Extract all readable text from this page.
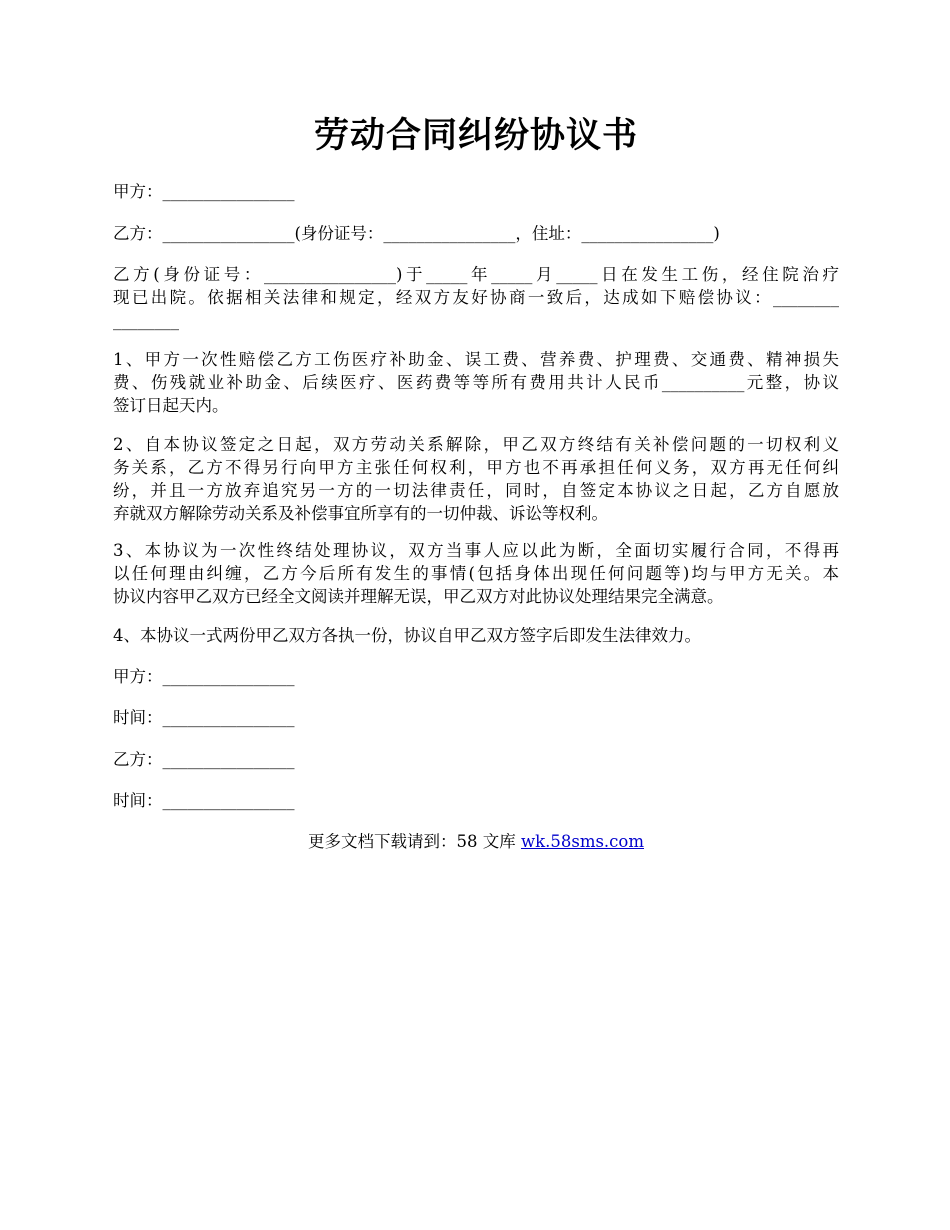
劳动合同纠纷协议书
甲方：________________
乙方：________________(身份证号：________________，住址：________________)
乙方(身份证号：________________)于_____年_____月_____日在发生工伤，经住院治疗
现已出院。依据相关法律和规定，经双方友好协商一致后，达成如下赔偿协议：________
________
1、甲方一次性赔偿乙方工伤医疗补助金、误工费、营养费、护理费、交通费、精神损失
费、伤残就业补助金、后续医疗、医药费等等所有费用共计人民币__________元整，协议
签订日起天内。
2、自本协议签定之日起，双方劳动关系解除，甲乙双方终结有关补偿问题的一切权利义
务关系，乙方不得另行向甲方主张任何权利，甲方也不再承担任何义务，双方再无任何纠
纷，并且一方放弃追究另一方的一切法律责任，同时，自签定本协议之日起，乙方自愿放
弃就双方解除劳动关系及补偿事宜所享有的一切仲裁、诉讼等权利。
3、本协议为一次性终结处理协议，双方当事人应以此为断，全面切实履行合同，不得再
以任何理由纠缠，乙方今后所有发生的事情(包括身体出现任何问题等)均与甲方无关。本
协议内容甲乙双方已经全文阅读并理解无误，甲乙双方对此协议处理结果完全满意。
4、本协议一式两份甲乙双方各执一份，协议自甲乙双方签字后即发生法律效力。
甲方：________________
时间：________________
乙方：________________
时间：________________
更多文档下载请到：58 文库 wk.58sms.com
